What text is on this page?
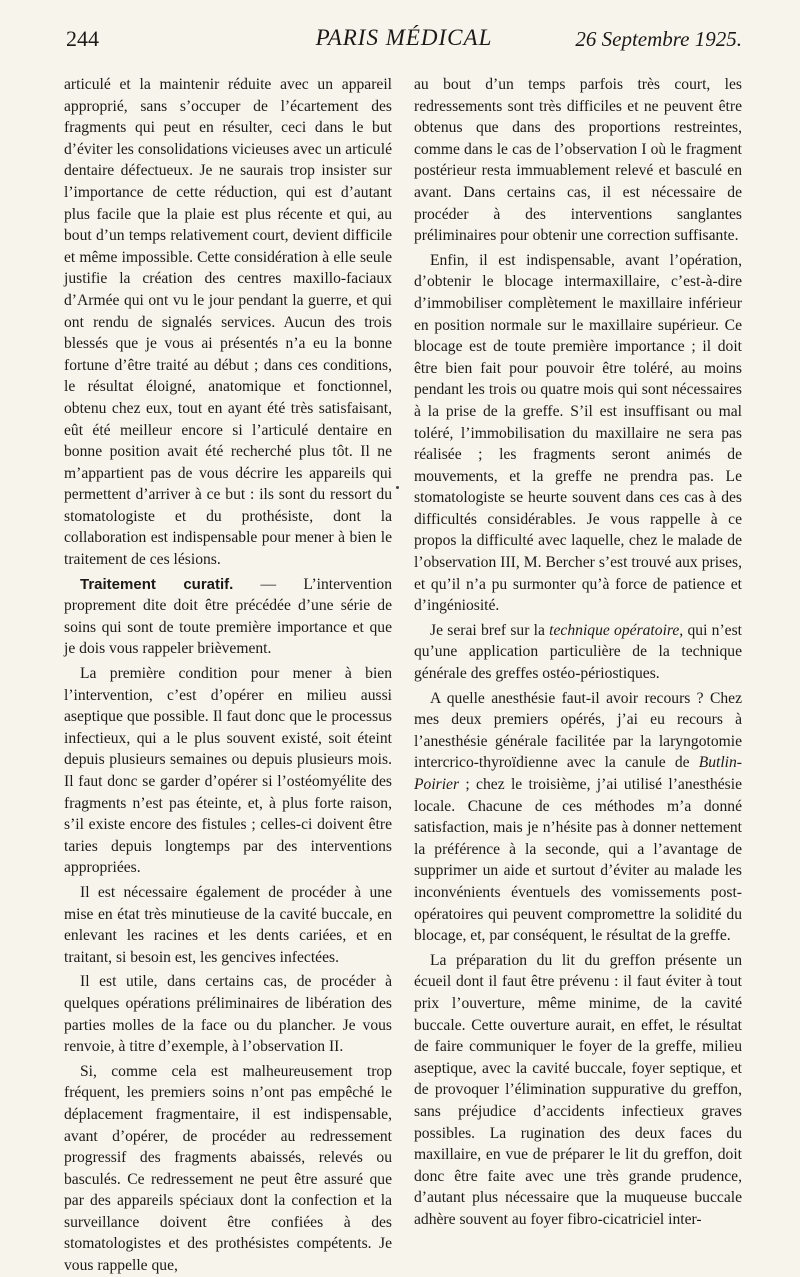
244	PARIS MÉDICAL	26 Septembre 1925.

articulé et la maintenir réduite avec un appareil approprié, sans s’occuper de l’écartement des fragments qui peut en résulter, ceci dans le but d’éviter les consolidations vicieuses avec un articulé dentaire défectueux. Je ne saurais trop insister sur l’importance de cette réduction, qui est d’autant plus facile que la plaie est plus récente et qui, au bout d’un temps relativement court, devient difficile et même impossible. Cette considération à elle seule justifie la création des centres maxillo-faciaux d’Armée qui ont vu le jour pendant la guerre, et qui ont rendu de signalés services. Aucun des trois blessés que je vous ai présentés n’a eu la bonne fortune d’être traité au début ; dans ces conditions, le résultat éloigné, anatomique et fonctionnel, obtenu chez eux, tout en ayant été très satisfaisant, eût été meilleur encore si l’articulé dentaire en bonne position avait été recherché plus tôt. Il ne m’appartient pas de vous décrire les appareils qui permettent d’arriver à ce but : ils sont du ressort du stomatologiste et du prothésiste, dont la collaboration est indispensable pour mener à bien le traitement de ces lésions.

Traitement curatif. — L’intervention proprement dite doit être précédée d’une série de soins qui sont de toute première importance et que je dois vous rappeler brièvement.

La première condition pour mener à bien l’intervention, c’est d’opérer en milieu aussi aseptique que possible. Il faut donc que le processus infectieux, qui a le plus souvent existé, soit éteint depuis plusieurs semaines ou depuis plusieurs mois. Il faut donc se garder d’opérer si l’ostéomyélite des fragments n’est pas éteinte, et, à plus forte raison, s’il existe encore des fistules ; celles-ci doivent être taries depuis longtemps par des interventions appropriées.

Il est nécessaire également de procéder à une mise en état très minutieuse de la cavité buccale, en enlevant les racines et les dents cariées, et en traitant, si besoin est, les gencives infectées.

Il est utile, dans certains cas, de procéder à quelques opérations préliminaires de libération des parties molles de la face ou du plancher. Je vous renvoie, à titre d’exemple, à l’observation II.

Si, comme cela est malheureusement trop fréquent, les premiers soins n’ont pas empêché le déplacement fragmentaire, il est indispensable, avant d’opérer, de procéder au redressement progressif des fragments abaissés, relevés ou basculés. Ce redressement ne peut être assuré que par des appareils spéciaux dont la confection et la surveillance doivent être confiées à des stomatologistes et des prothésistes compétents. Je vous rappelle que,

au bout d’un temps parfois très court, les redressements sont très difficiles et ne peuvent être obtenus que dans des proportions restreintes, comme dans le cas de l’observation I où le fragment postérieur resta immuablement relevé et basculé en avant. Dans certains cas, il est nécessaire de procéder à des interventions sanglantes préliminaires pour obtenir une correction suffisante.

Enfin, il est indispensable, avant l’opération, d’obtenir le blocage intermaxillaire, c’est-à-dire d’immobiliser complètement le maxillaire inférieur en position normale sur le maxillaire supérieur. Ce blocage est de toute première importance ; il doit être bien fait pour pouvoir être toléré, au moins pendant les trois ou quatre mois qui sont nécessaires à la prise de la greffe. S’il est insuffisant ou mal toléré, l’immobilisation du maxillaire ne sera pas réalisée ; les fragments seront animés de mouvements, et la greffe ne prendra pas. Le stomatologiste se heurte souvent dans ces cas à des difficultés considérables. Je vous rappelle à ce propos la difficulté avec laquelle, chez le malade de l’observation III, M. Bercher s’est trouvé aux prises, et qu’il n’a pu surmonter qu’à force de patience et d’ingéniosité.

Je serai bref sur la technique opératoire, qui n’est qu’une application particulière de la technique générale des greffes ostéo-périostiques.

A quelle anesthésie faut-il avoir recours ? Chez mes deux premiers opérés, j’ai eu recours à l’anesthésie générale facilitée par la laryngotomie intercrico-thyroïdienne avec la canule de Butlin-Poirier ; chez le troisième, j’ai utilisé l’anesthésie locale. Chacune de ces méthodes m’a donné satisfaction, mais je n’hésite pas à donner nettement la préférence à la seconde, qui a l’avantage de supprimer un aide et surtout d’éviter au malade les inconvénients éventuels des vomissements post-opératoires qui peuvent compromettre la solidité du blocage, et, par conséquent, le résultat de la greffe.

La préparation du lit du greffon présente un écueil dont il faut être prévenu : il faut éviter à tout prix l’ouverture, même minime, de la cavité buccale. Cette ouverture aurait, en effet, le résultat de faire communiquer le foyer de la greffe, milieu aseptique, avec la cavité buccale, foyer septique, et de provoquer l’élimination suppurative du greffon, sans préjudice d’accidents infectieux graves possibles. La rugination des deux faces du maxillaire, en vue de préparer le lit du greffon, doit donc être faite avec une très grande prudence, d’autant plus nécessaire que la muqueuse buccale adhère souvent au foyer fibro-cicatriciel inter-
